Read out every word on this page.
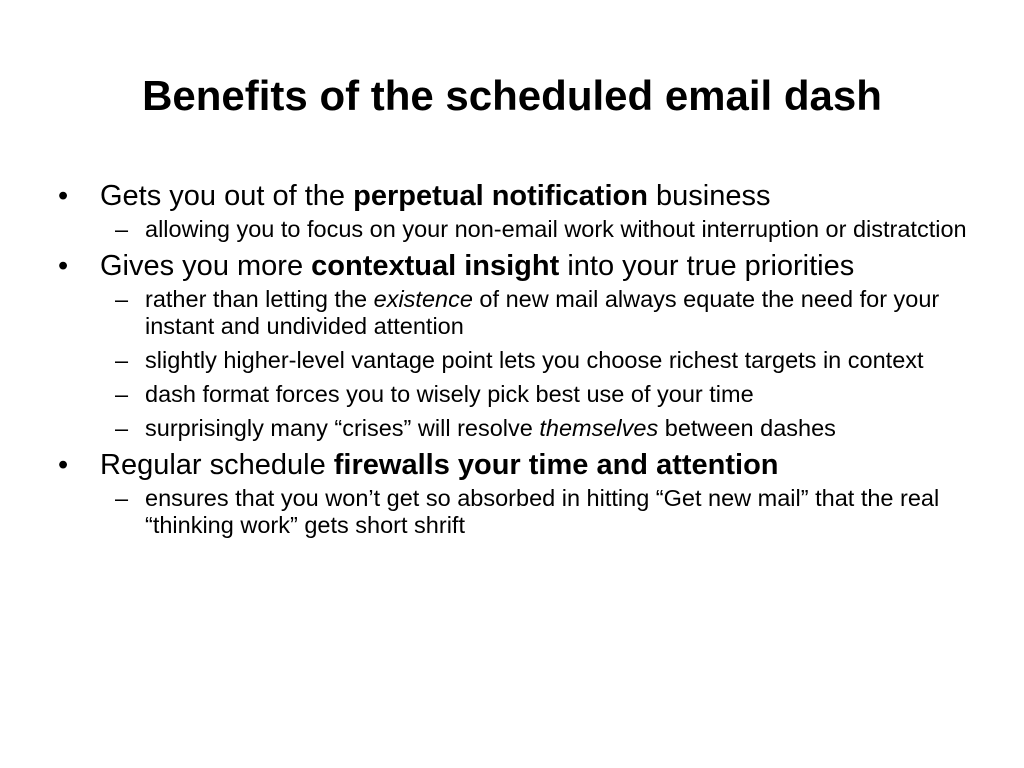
Benefits of the scheduled email dash
•	Gets you out of the perpetual notification business
– allowing you to focus on your non-email work without interruption or distratction
•	Gives you more contextual insight into your true priorities
– rather than letting the existence of new mail always equate the need for your instant and undivided attention
– slightly higher-level vantage point lets you choose richest targets in context
– dash format forces you to wisely pick best use of your time
– surprisingly many “crises” will resolve themselves between dashes
•	Regular schedule firewalls your time and attention
– ensures that you won’t get so absorbed in hitting “Get new mail” that the real “thinking work” gets short shrift
